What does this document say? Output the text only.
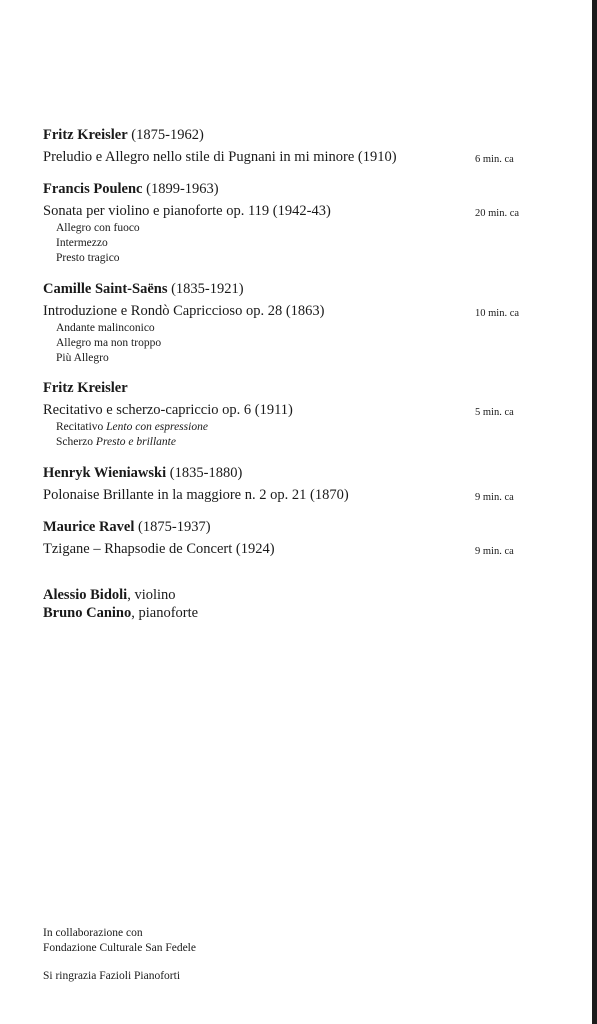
Fritz Kreisler (1875-1962)
Preludio e Allegro nello stile di Pugnani in mi minore (1910)	6 min. ca
Francis Poulenc (1899-1963)
Sonata per violino e pianoforte op. 119 (1942-43)	20 min. ca
Allegro con fuoco
Intermezzo
Presto tragico
Camille Saint-Saëns (1835-1921)
Introduzione e Rondò Capriccioso op. 28 (1863)	10 min. ca
Andante malinconico
Allegro ma non troppo
Più Allegro
Fritz Kreisler
Recitativo e scherzo-capriccio op. 6 (1911)	5 min. ca
Recitativo Lento con espressione
Scherzo Presto e brillante
Henryk Wieniawski (1835-1880)
Polonaise Brillante in la maggiore n. 2 op. 21 (1870)	9 min. ca
Maurice Ravel (1875-1937)
Tzigane – Rhapsodie de Concert (1924)	9 min. ca
Alessio Bidoli, violino
Bruno Canino, pianoforte
In collaborazione con
Fondazione Culturale San Fedele
Si ringrazia Fazioli Pianoforti
